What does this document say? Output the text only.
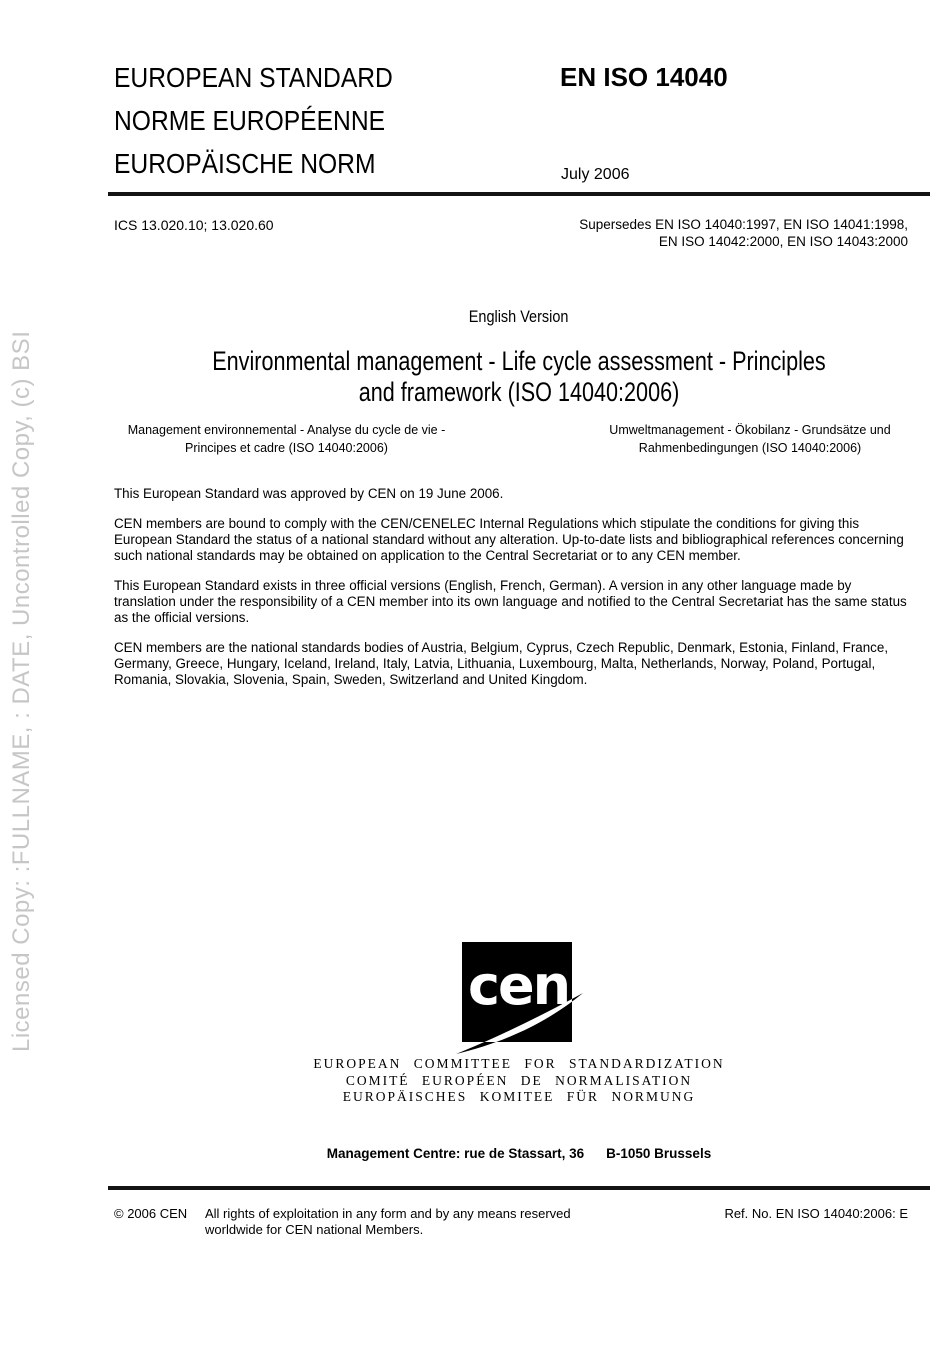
Licensed Copy: :FULLNAME, : DATE, Uncontrolled Copy, (c) BSI
EUROPEAN STANDARD
NORME EUROPÉENNE
EUROPÄISCHE NORM
EN ISO 14040
July 2006
ICS 13.020.10; 13.020.60	Supersedes EN ISO 14040:1997, EN ISO 14041:1998,
EN ISO 14042:2000, EN ISO 14043:2000
English Version
Environmental management - Life cycle assessment - Principles
and framework (ISO 14040:2006)
Management environnemental - Analyse du cycle de vie -
Principes et cadre (ISO 14040:2006)
Umweltmanagement - Ökobilanz - Grundsätze und
Rahmenbedingungen (ISO 14040:2006)

This European Standard was approved by CEN on 19 June 2006.

CEN members are bound to comply with the CEN/CENELEC Internal Regulations which stipulate the conditions for giving this European Standard the status of a national standard without any alteration. Up-to-date lists and bibliographical references concerning such national standards may be obtained on application to the Central Secretariat or to any CEN member.

This European Standard exists in three official versions (English, French, German). A version in any other language made by translation under the responsibility of a CEN member into its own language and notified to the Central Secretariat has the same status as the official versions.

CEN members are the national standards bodies of Austria, Belgium, Cyprus, Czech Republic, Denmark, Estonia, Finland, France, Germany, Greece, Hungary, Iceland, Ireland, Italy, Latvia, Lithuania, Luxembourg, Malta, Netherlands, Norway, Poland, Portugal, Romania, Slovakia, Slovenia, Spain, Sweden, Switzerland and United Kingdom.

cen
EUROPEAN COMMITTEE FOR STANDARDIZATION
COMITÉ EUROPÉEN DE NORMALISATION
EUROPÄISCHES KOMITEE FÜR NORMUNG
Management Centre: rue de Stassart, 36 B-1050 Brussels
© 2006 CEN All rights of exploitation in any form and by any means reserved
worldwide for CEN national Members.
Ref. No. EN ISO 14040:2006: E
